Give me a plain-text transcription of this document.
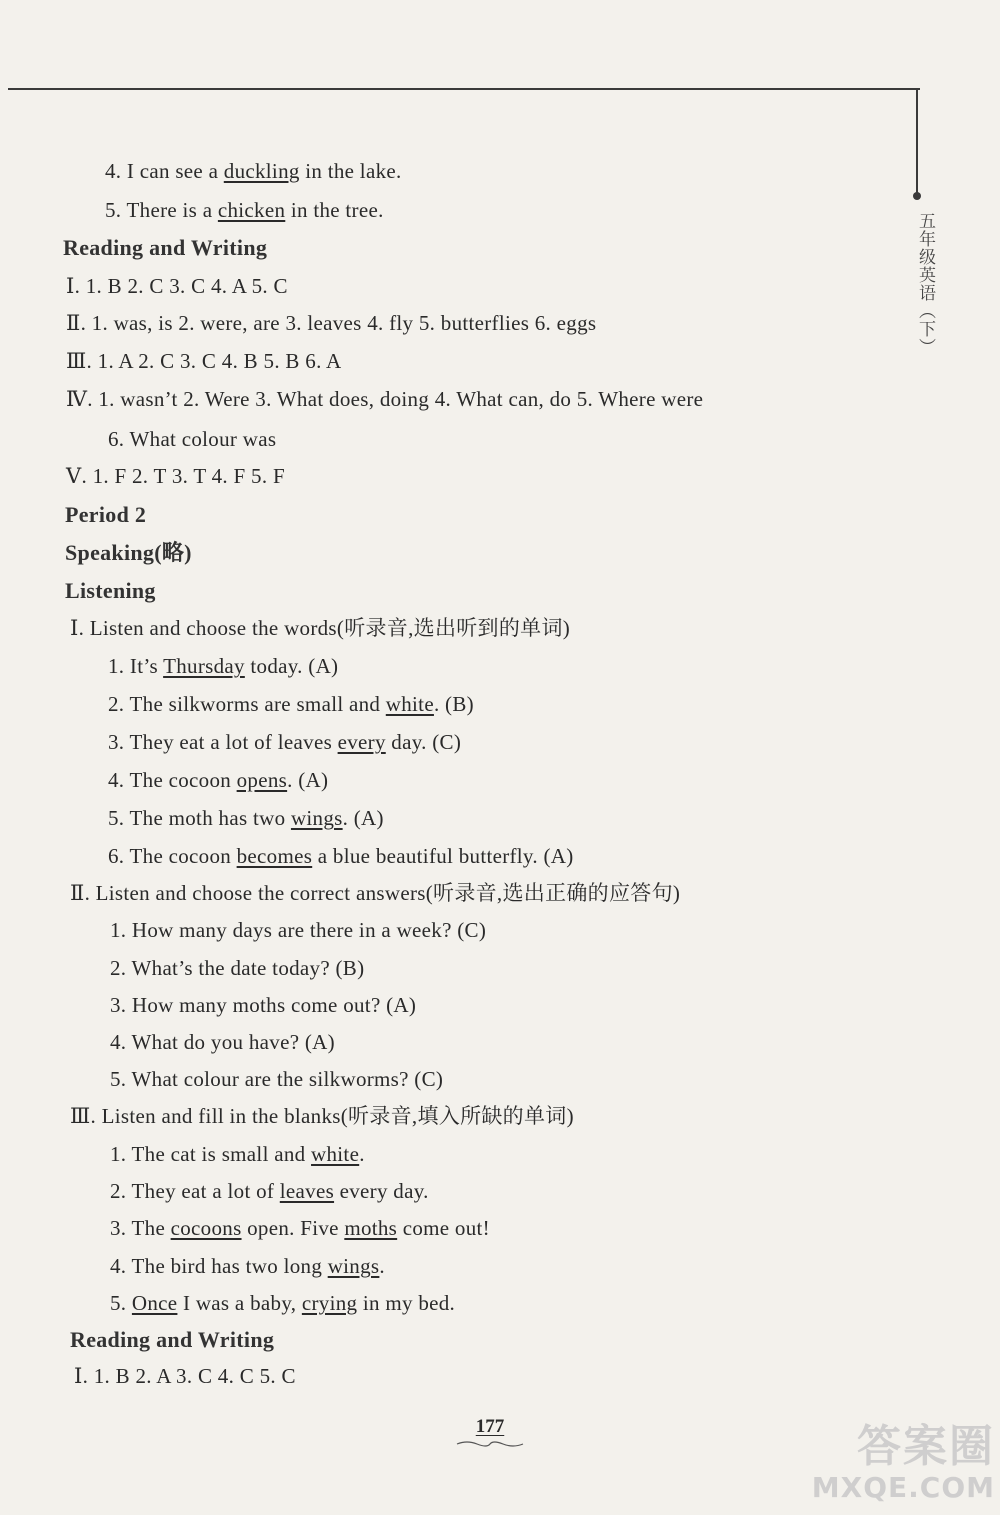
五年级英语（下）
4. I can see a duckling in the lake.
5. There is a chicken in the tree.
Reading and Writing
Ⅰ. 1. B 2. C 3. C 4. A 5. C
Ⅱ. 1. was, is 2. were, are 3. leaves 4. fly 5. butterflies 6. eggs
Ⅲ. 1. A 2. C 3. C 4. B 5. B 6. A
Ⅳ. 1. wasn’t 2. Were 3. What does, doing 4. What can, do 5. Where were
6. What colour was
Ⅴ. 1. F 2. T 3. T 4. F 5. F
Period 2
Speaking(略)
Listening
Ⅰ. Listen and choose the words(听录音,选出听到的单词)
1. It’s Thursday today. (A)
2. The silkworms are small and white. (B)
3. They eat a lot of leaves every day. (C)
4. The cocoon opens. (A)
5. The moth has two wings. (A)
6. The cocoon becomes a blue beautiful butterfly. (A)
Ⅱ. Listen and choose the correct answers(听录音,选出正确的应答句)
1. How many days are there in a week? (C)
2. What’s the date today? (B)
3. How many moths come out? (A)
4. What do you have? (A)
5. What colour are the silkworms? (C)
Ⅲ. Listen and fill in the blanks(听录音,填入所缺的单词)
1. The cat is small and white.
2. They eat a lot of leaves every day.
3. The cocoons open. Five moths come out!
4. The bird has two long wings.
5. Once I was a baby, crying in my bed.
Reading and Writing
Ⅰ. 1. B 2. A 3. C 4. C 5. C
177	答案圈
MXQE.COM
